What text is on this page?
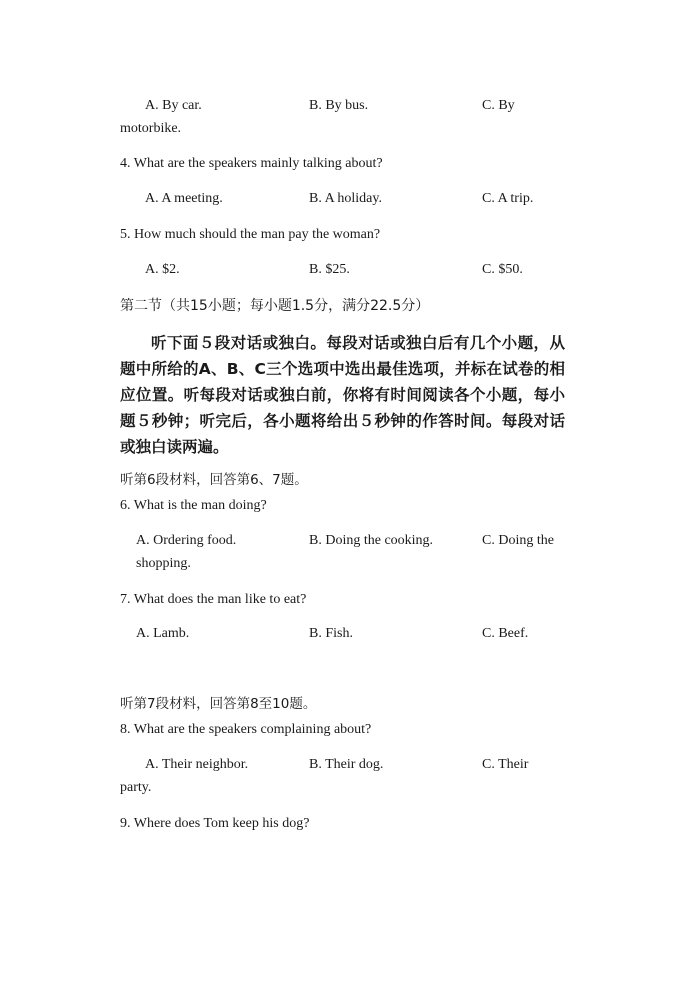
A. By car.	B. By bus.	C. By
motorbike.
4. What are the speakers mainly talking about?
A. A meeting.	B. A holiday.	C. A trip.
5. How much should the man pay the woman?
A. $2.	B. $25.	C. $50.
第二节（共15小题；每小题1.5分，满分22.5分）
听下面５段对话或独白。每段对话或独白后有几个小题，从题中所给的A、B、C三个选项中选出最佳选项，并标在试卷的相应位置。听每段对话或独白前，你将有时间阅读各个小题，每小题５秒钟；听完后，各小题将给出５秒钟的作答时间。每段对话或独白读两遍。
听第6段材料，回答第6、7题。
6. What is the man doing?
A. Ordering food.	B. Doing the cooking.	C. Doing the
shopping.
7. What does the man like to eat?
A. Lamb.	B. Fish.	C. Beef.
听第7段材料，回答第8至10题。
8. What are the speakers complaining about?
A. Their neighbor.	B. Their dog.	C. Their
party.
9. Where does Tom keep his dog?
